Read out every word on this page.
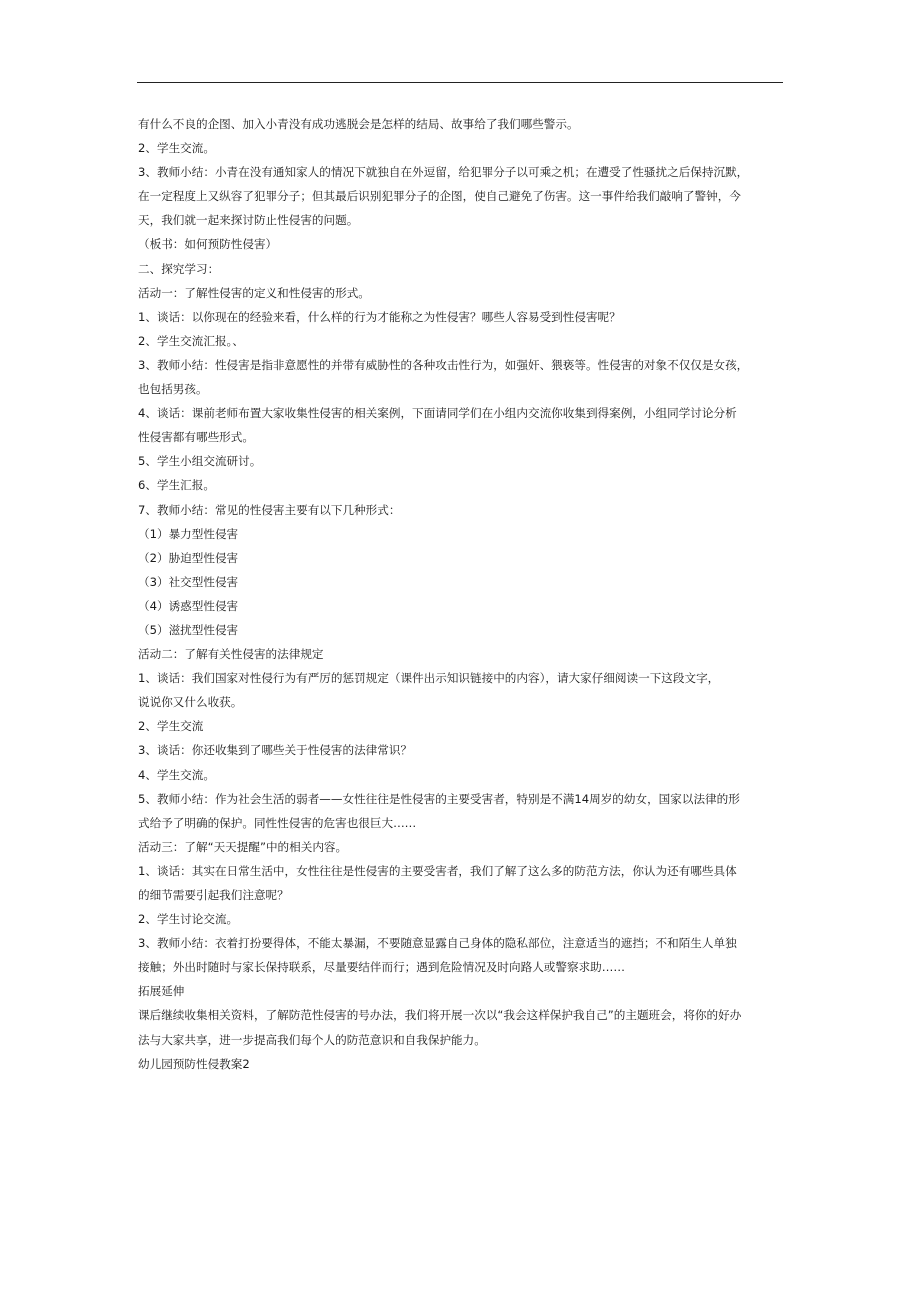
有什么不良的企图、加入小青没有成功逃脱会是怎样的结局、故事给了我们哪些警示。

2、学生交流。

3、教师小结：小青在没有通知家人的情况下就独自在外逗留，给犯罪分子以可乘之机；在遭受了性骚扰之后保持沉默，

在一定程度上又纵容了犯罪分子；但其最后识别犯罪分子的企图，使自己避免了伤害。这一事件给我们敲响了警钟，今

天，我们就一起来探讨防止性侵害的问题。

（板书：如何预防性侵害）

二、探究学习：

活动一：了解性侵害的定义和性侵害的形式。

1、谈话：以你现在的经验来看，什么样的行为才能称之为性侵害？哪些人容易受到性侵害呢？

2、学生交流汇报。、

3、教师小结：性侵害是指非意愿性的并带有威胁性的各种攻击性行为，如强奸、猥亵等。性侵害的对象不仅仅是女孩，

也包括男孩。

4、谈话：课前老师布置大家收集性侵害的相关案例，下面请同学们在小组内交流你收集到得案例，小组同学讨论分析

性侵害都有哪些形式。

5、学生小组交流研讨。

6、学生汇报。

7、教师小结：常见的性侵害主要有以下几种形式：

（1）暴力型性侵害

（2）胁迫型性侵害

（3）社交型性侵害

（4）诱惑型性侵害

（5）滋扰型性侵害

活动二：了解有关性侵害的法律规定

1、谈话：我们国家对性侵行为有严厉的惩罚规定（课件出示知识链接中的内容），请大家仔细阅读一下这段文字，

说说你又什么收获。

2、学生交流

3、谈话：你还收集到了哪些关于性侵害的法律常识？

4、学生交流。

5、教师小结：作为社会生活的弱者——女性往往是性侵害的主要受害者，特别是不满14周岁的幼女，国家以法律的形

式给予了明确的保护。同性性侵害的危害也很巨大……

活动三：了解“天天提醒”中的相关内容。

1、谈话：其实在日常生活中，女性往往是性侵害的主要受害者，我们了解了这么多的防范方法，你认为还有哪些具体

的细节需要引起我们注意呢？

2、学生讨论交流。

3、教师小结：衣着打扮要得体，不能太暴漏，不要随意显露自己身体的隐私部位，注意适当的遮挡；不和陌生人单独

接触；外出时随时与家长保持联系，尽量要结伴而行；遇到危险情况及时向路人或警察求助……

拓展延伸

课后继续收集相关资料，了解防范性侵害的号办法，我们将开展一次以“我会这样保护我自己”的主题班会，将你的好办

法与大家共享，进一步提高我们每个人的防范意识和自我保护能力。

幼儿园预防性侵教案2
